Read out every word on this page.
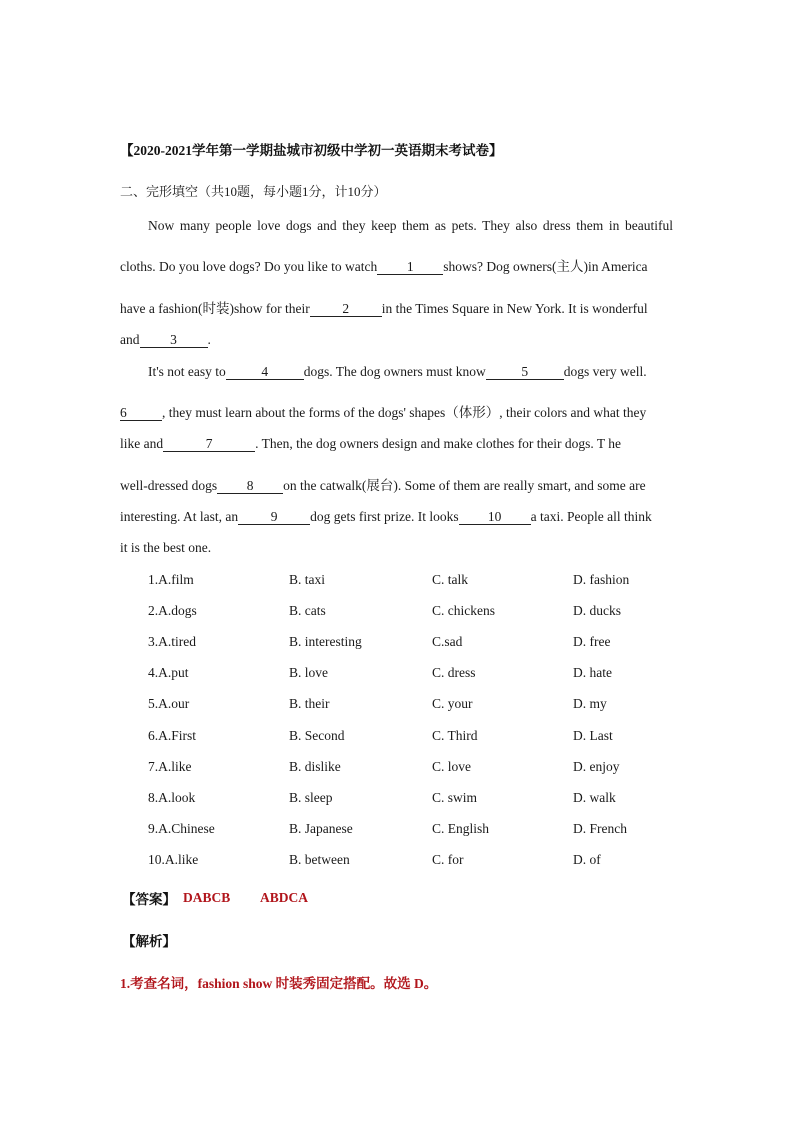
【2020-2021学年第一学期盐城市初级中学初一英语期末考试卷】
二、完形填空（共10题，每小题1分，计10分）
Now many people love dogs and they keep them as pets. They also dress them in beautiful
cloths. Do you love dogs? Do you like to watch 1 shows? Dog owners(主人)in America
have a fashion(时装)show for their 2 in the Times Square in New York. It is wonderful
and 3 .
It's not easy to	4	dogs. The dog owners must know	5	dogs very well.
6	, they must learn about the forms of the dogs' shapes（体形）, their colors and what they
like and	7	. Then, the dog owners design and make clothes for their dogs. T he
well-dressed dogs 8 on the catwalk(展台). Some of them are really smart, and some are
interesting. At last, an 9 dog gets first prize. It looks 10 a taxi. People all think
it is the best one.
1.A.film	B. taxi	C. talk	D. fashion
2.A.dogs	B. cats	C. chickens	D. ducks
3.A.tired	B. interesting	C.sad	D. free
4.A.put	B. love	C. dress	D. hate
5.A.our	B. their	C. your	D. my
6.A.First	B. Second	C. Third	D. Last
7.A.like	B. dislike	C. love	D. enjoy
8.A.look	B. sleep	C. swim	D. walk
9.A.Chinese	B. Japanese	C. English	D. French
10.A.like	B. between	C. for	D. of
【答案】 DABCB ABDCA
【解析】
1.考查名词，fashion show 时装秀固定搭配。故选 D。
